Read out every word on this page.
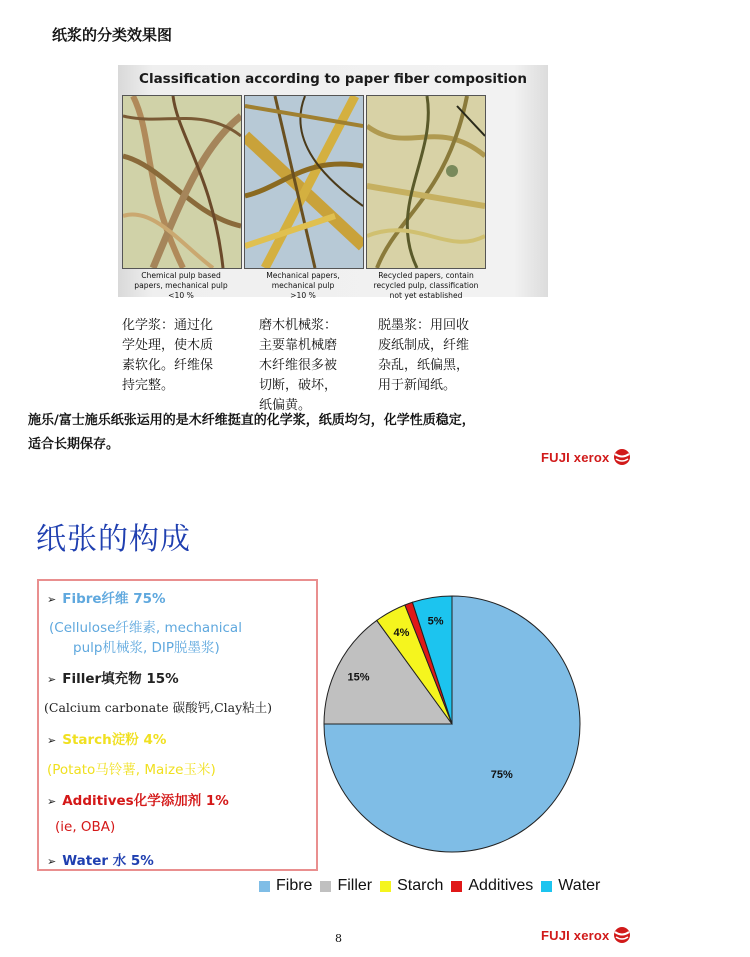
纸浆的分类效果图
Classification according to paper fiber composition
Chemical pulp based
papers, mechanical pulp
<10 %
Mechanical papers,
mechanical pulp
>10 %
Recycled papers, contain
recycled pulp, classification
not yet established
化学浆：通过化
学处理，使木质
素软化。纤维保
持完整。
磨木机械浆：
主要靠机械磨
木纤维很多被
切断，破坏，
纸偏黄。
脱墨浆：用回收
废纸制成，纤维
杂乱，纸偏黑，
用于新闻纸。
施乐/富士施乐纸张运用的是木纤维挺直的化学浆，纸质均匀，化学性质稳定，
适合长期保存。
FUJI xerox
纸张的构成
➢ Fibre纤维 75%
(Cellulose纤维素, mechanical
pulp机械浆, DIP脱墨浆)
➢ Filler填充物 15%
(Calcium carbonate 碳酸钙,Clay粘土)
➢ Starch淀粉 4%
(Potato马铃薯, Maize玉米)
➢ Additives化学添加剂 1%
(ie, OBA)
➢ Water 水 5%
75%
15%
4%
5%
Fibre Filler Starch Additives Water
8	FUJI xerox
